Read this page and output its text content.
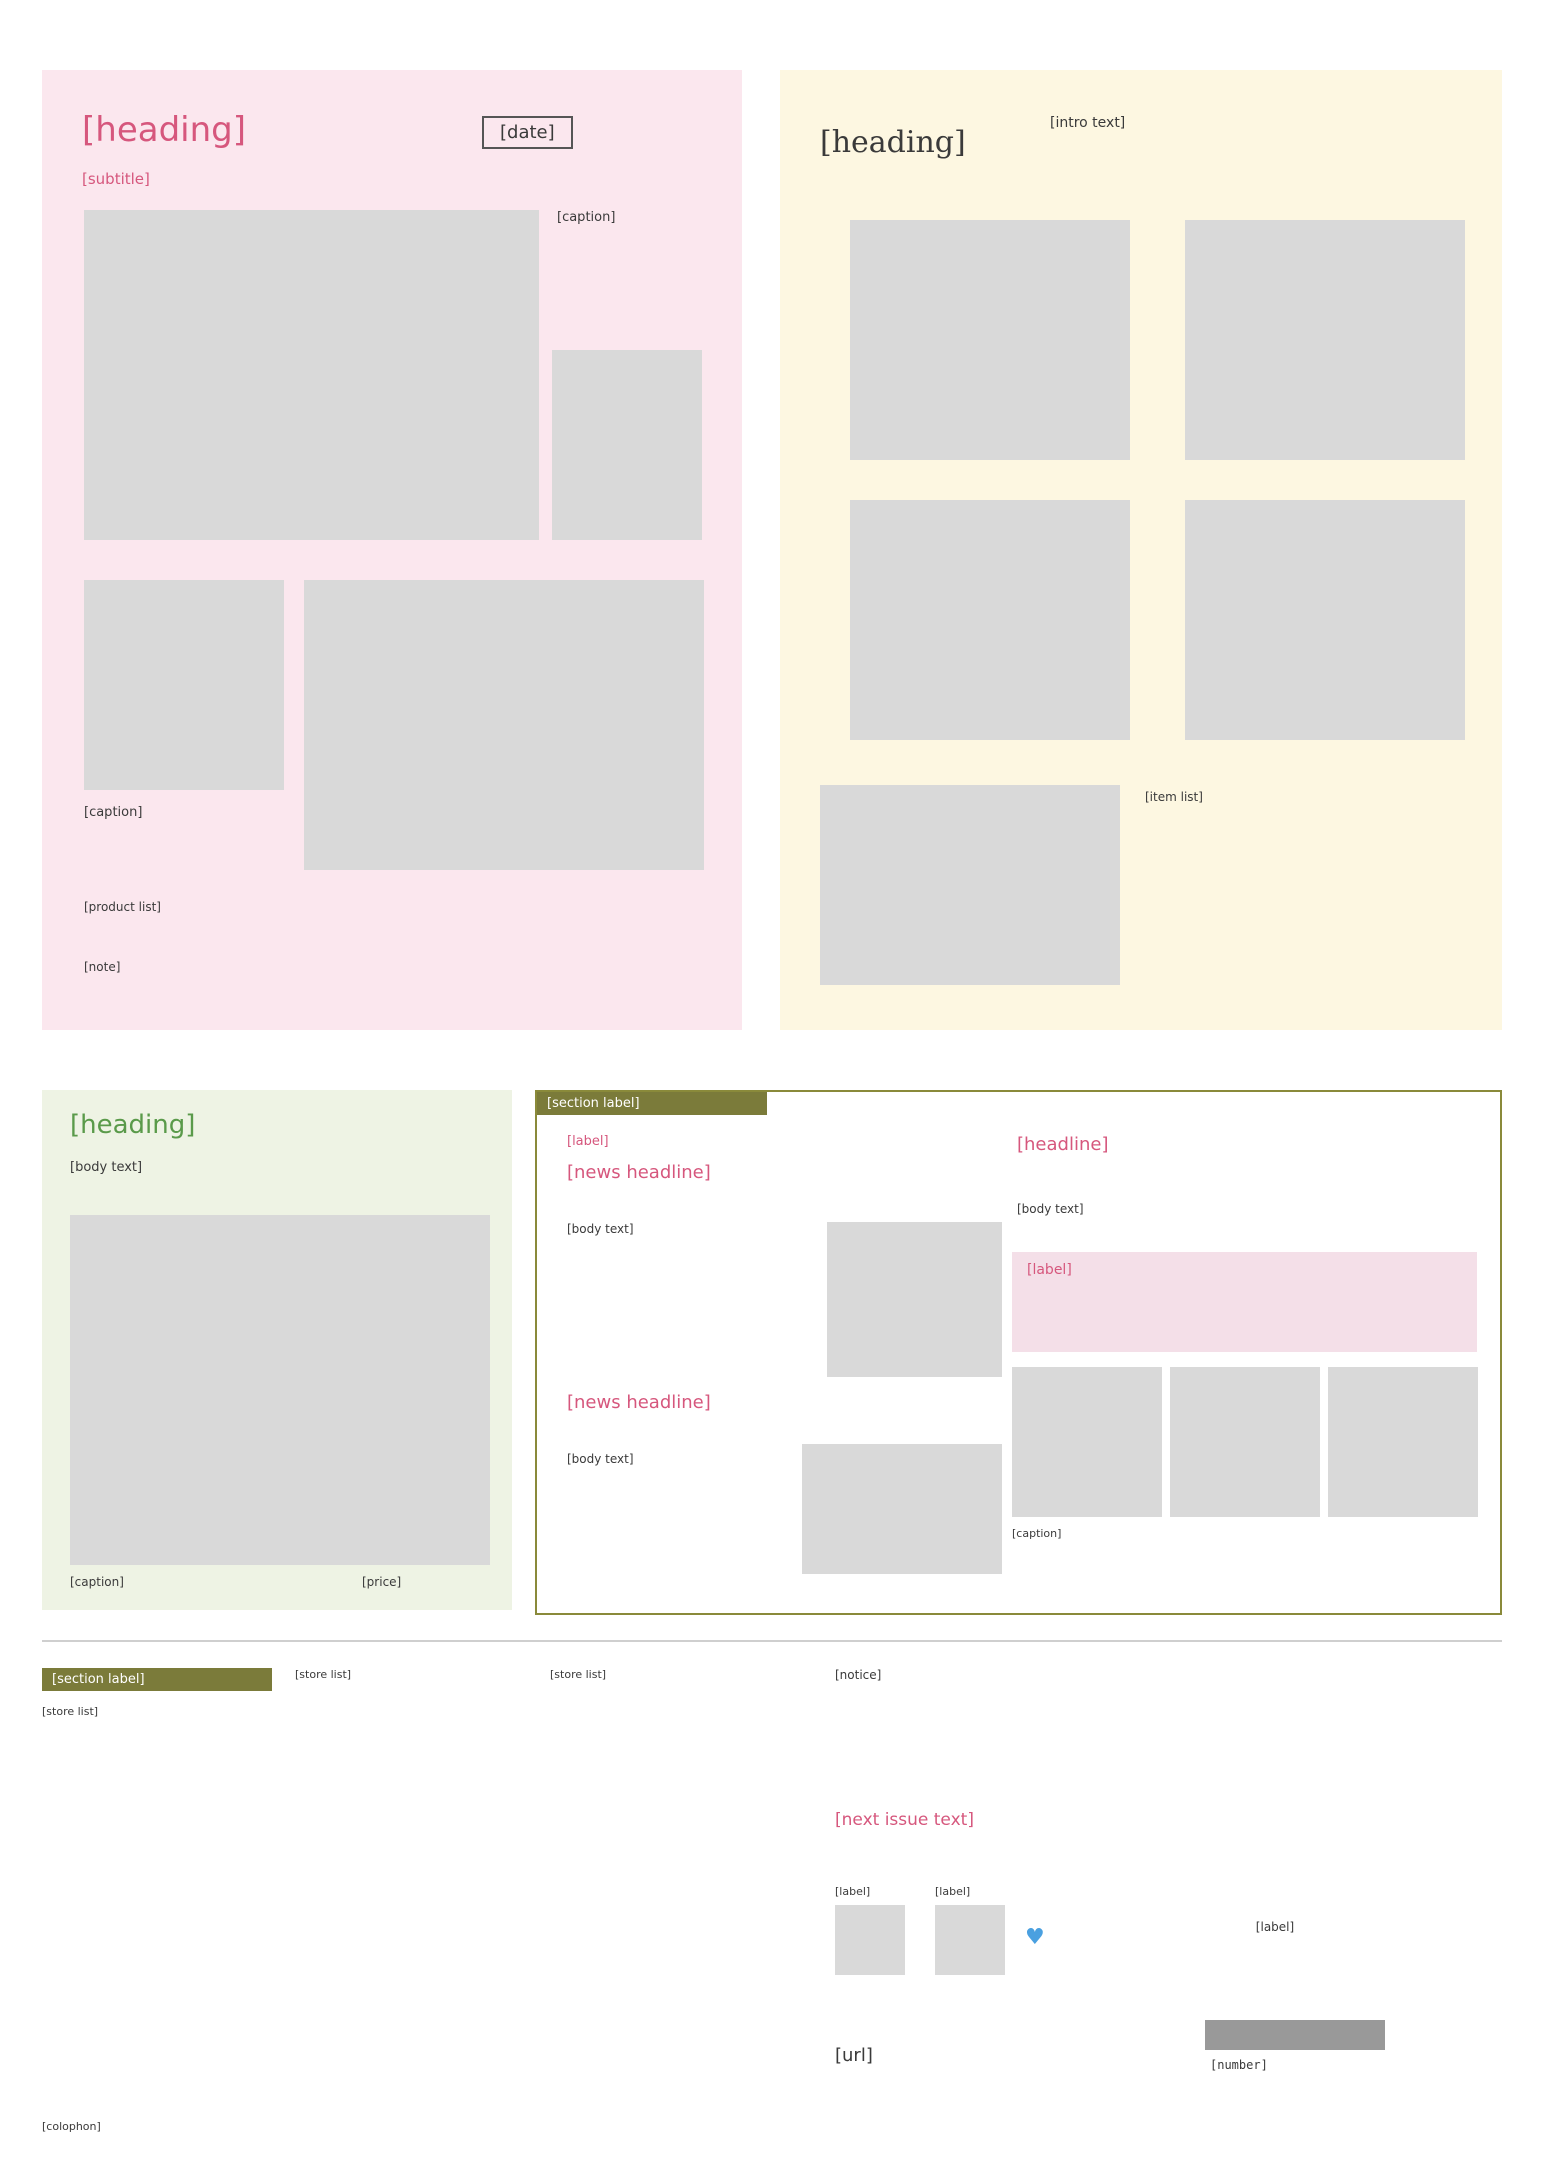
[heading]	[date]
[subtitle]
[caption]
[caption]
[product list]
[note]
[heading]
[intro text]
[item list]
[heading]
[body text]
[caption]	[price]
[section label]
[label]
[news headline]
[body text]
[news headline]
[body text]
[headline]
[body text]
[label]
[caption]
[section label]
[store list]
[store list]	[store list]	[notice]
[next issue text]
[label]	[label]
♥	[label]
[url]	[number]
[colophon]
